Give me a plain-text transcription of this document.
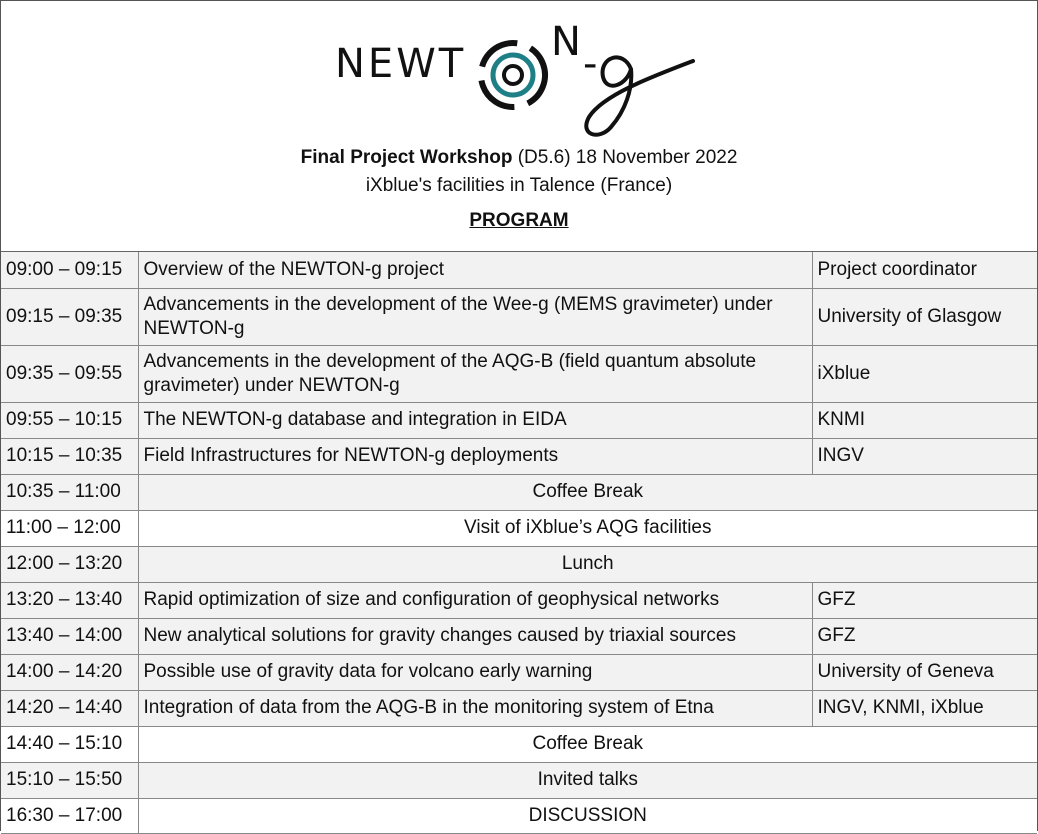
NEWT N -
Final Project Workshop (D5.6) 18 November 2022
iXblue's facilities in Talence (France)
PROGRAM
09:00 – 09:15	Overview of the NEWTON-g project	Project coordinator
09:15 – 09:35	Advancements in the development of the Wee-g (MEMS gravimeter) under NEWTON-g	University of Glasgow
09:35 – 09:55	Advancements in the development of the AQG-B (field quantum absolute gravimeter) under NEWTON-g	iXblue
09:55 – 10:15	The NEWTON-g database and integration in EIDA	KNMI
10:15 – 10:35	Field Infrastructures for NEWTON-g deployments	INGV
10:35 – 11:00	Coffee Break	
11:00 – 12:00	Visit of iXblue’s AQG facilities	
12:00 – 13:20	Lunch	
13:20 – 13:40	Rapid optimization of size and configuration of geophysical networks	GFZ
13:40 – 14:00	New analytical solutions for gravity changes caused by triaxial sources	GFZ
14:00 – 14:20	Possible use of gravity data for volcano early warning	University of Geneva
14:20 – 14:40	Integration of data from the AQG-B in the monitoring system of Etna	INGV, KNMI, iXblue
14:40 – 15:10	Coffee Break	
15:10 – 15:50	Invited talks	
16:30 – 17:00	DISCUSSION	
